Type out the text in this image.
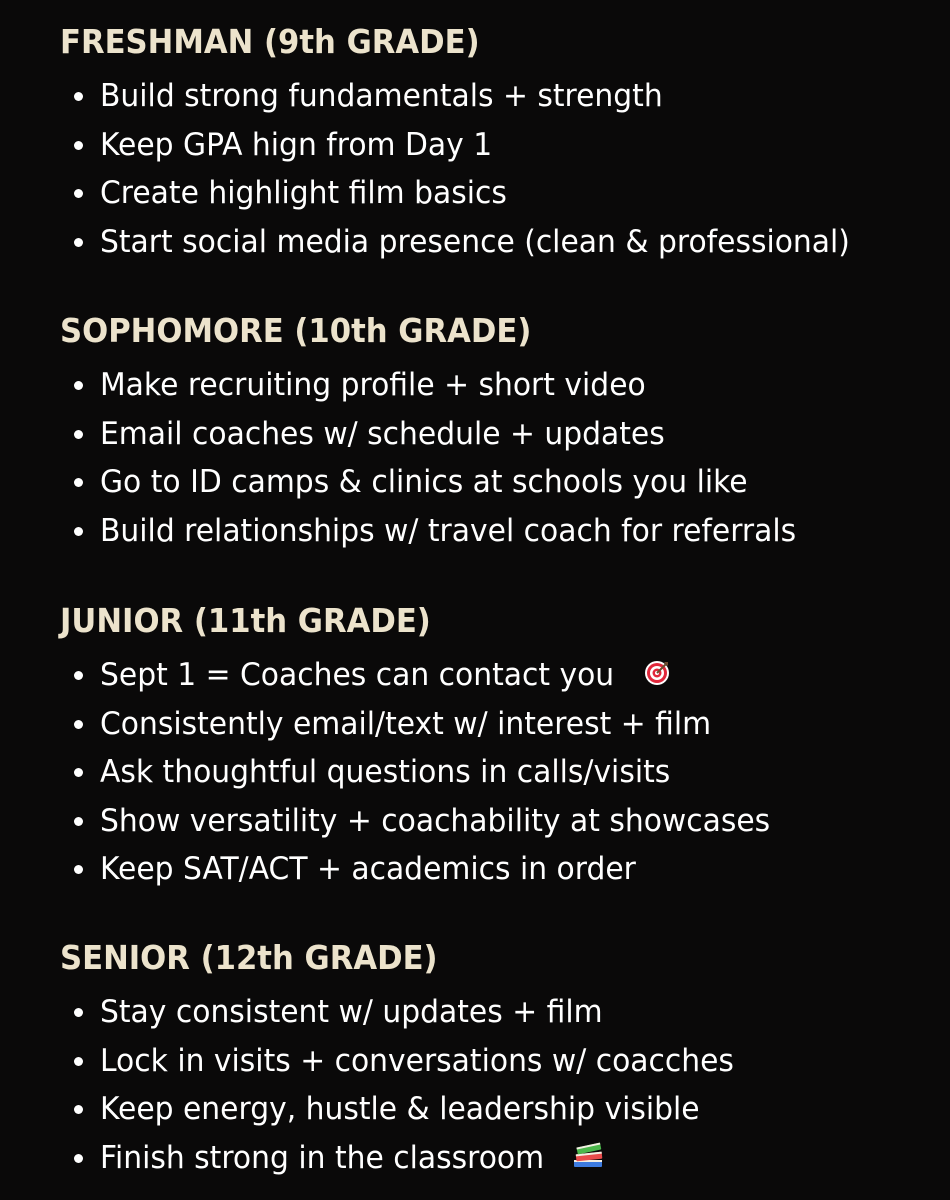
FRESHMAN (9th GRADE)
Build strong fundamentals + strength
Keep GPA hign from Day 1
Create highlight film basics
Start social media presence (clean & professional)
SOPHOMORE (10th GRADE)
Make recruiting profile + short video
Email coaches w/ schedule + updates
Go to ID camps & clinics at schools you like
Build relationships w/ travel coach for referrals
JUNIOR (11th GRADE)
Sept 1 = Coaches can contact you
Consistently email/text w/ interest + film
Ask thoughtful questions in calls/visits
Show versatility + coachability at showcases
Keep SAT/ACT + academics in order
SENIOR (12th GRADE)
Stay consistent w/ updates + film
Lock in visits + conversations w/ coacches
Keep energy, hustle & leadership visible
Finish strong in the classroom
